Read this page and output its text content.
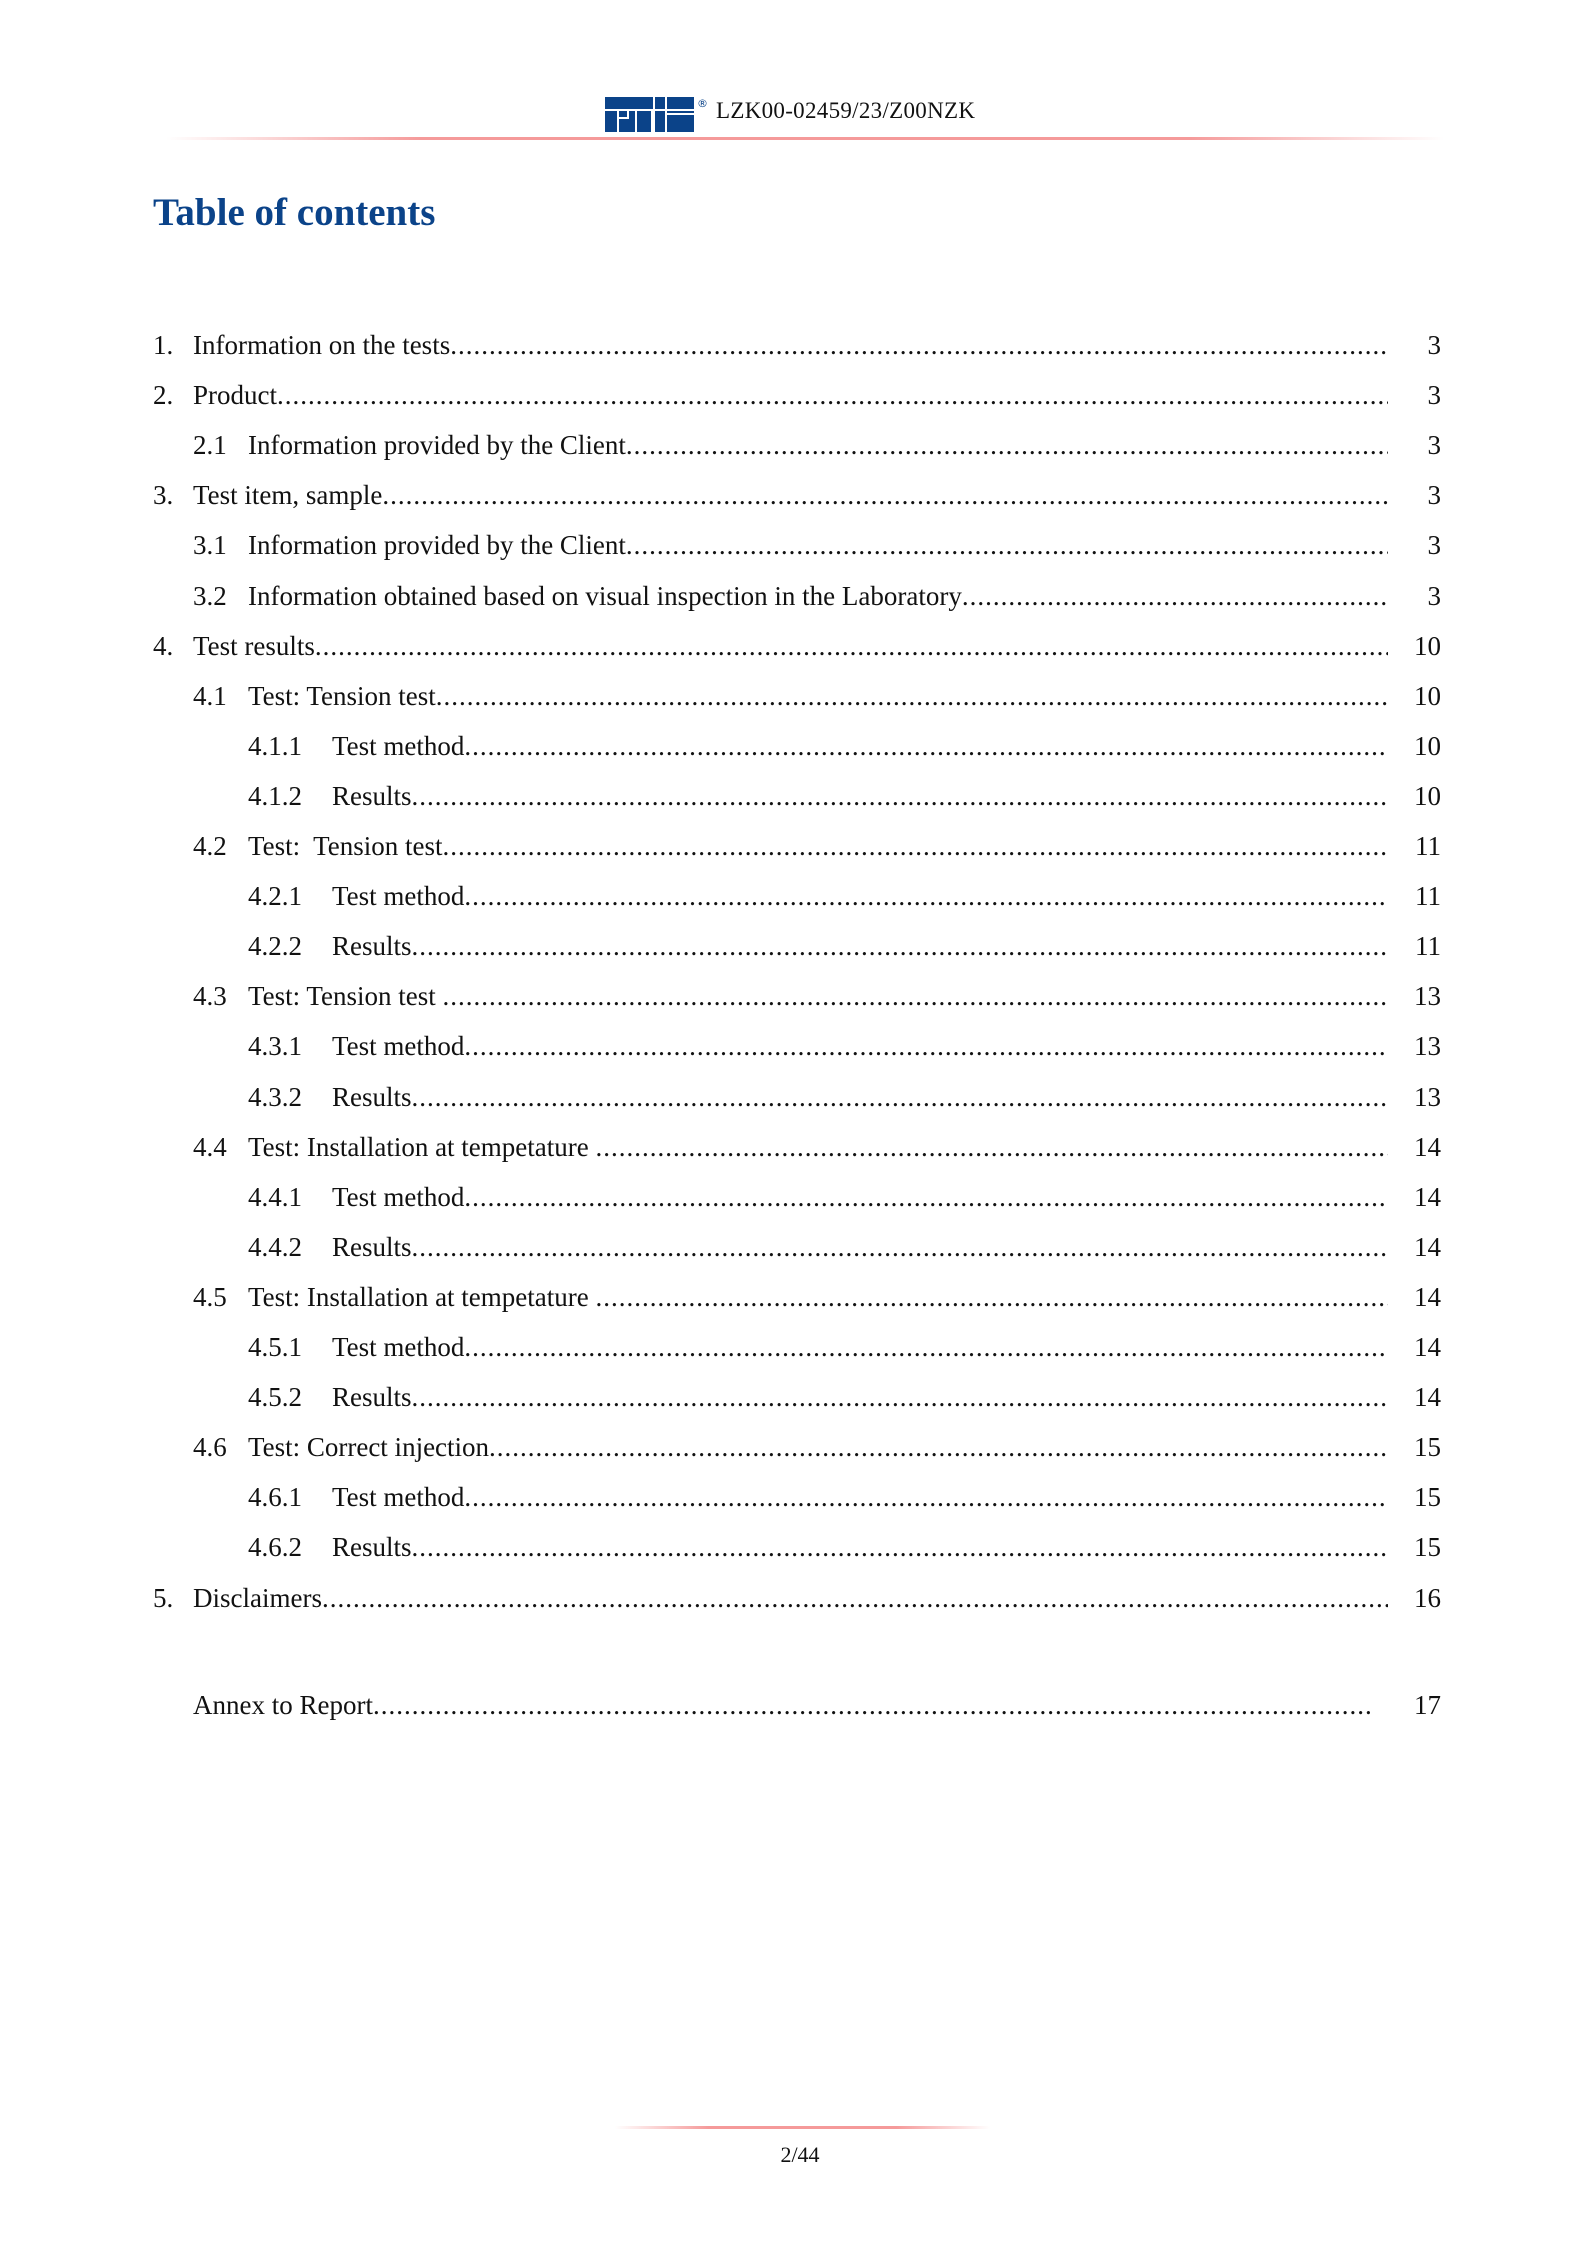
® LZK00-02459/23/Z00NZK
Table of contents
1. Information on the tests .....	3
2. Product .....	3
2.1 Information provided by the Client .....	3
3. Test item, sample .....	3
3.1 Information provided by the Client .....	3
3.2 Information obtained based on visual inspection in the Laboratory .....	3
4. Test results .....	10
4.1 Test: Tension test .....	10
4.1.1 Test method .....	10
4.1.2 Results .....	10
4.2 Test:  Tension test .....	11
4.2.1 Test method .....	11
4.2.2 Results .....	11
4.3 Test: Tension test .....	13
4.3.1 Test method .....	13
4.3.2 Results .....	13
4.4 Test: Installation at tempetature .....	14
4.4.1 Test method .....	14
4.4.2 Results .....	14
4.5 Test: Installation at tempetature .....	14
4.5.1 Test method .....	14
4.5.2 Results .....	14
4.6 Test: Correct injection .....	15
4.6.1 Test method .....	15
4.6.2 Results .....	15
5. Disclaimers .....	16
Annex to Report .....	17
2/44
